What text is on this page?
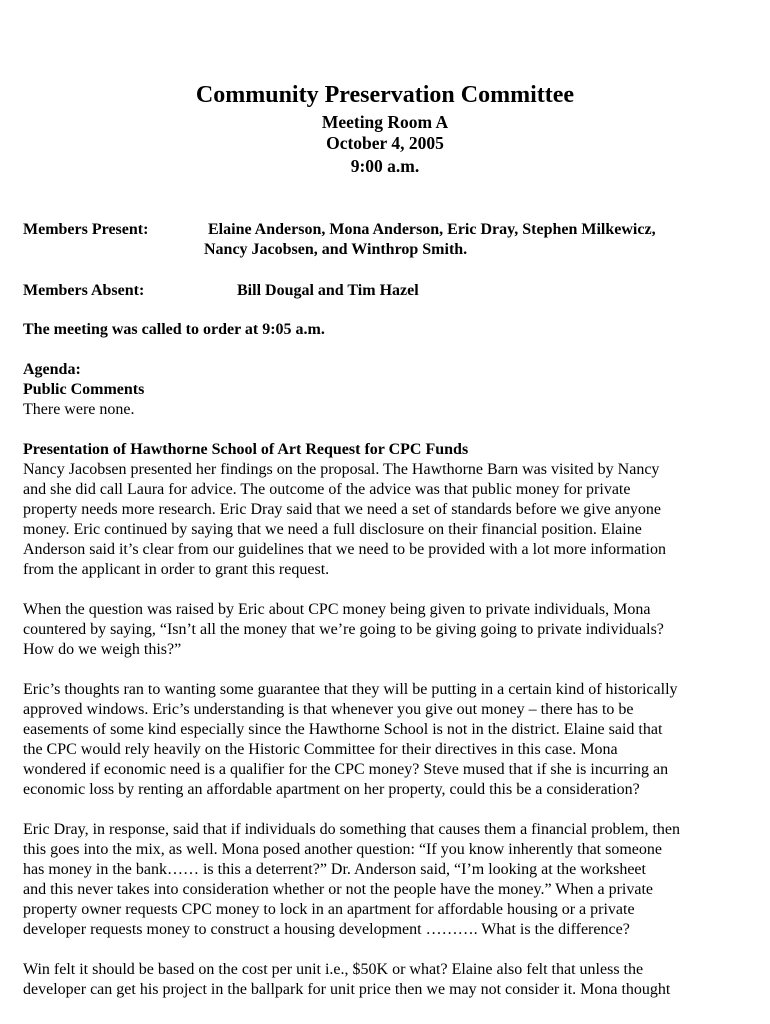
Community Preservation Committee
Meeting Room A
October 4, 2005
9:00 a.m.
Members Present:	Elaine Anderson, Mona Anderson, Eric Dray, Stephen Milkewicz,
Nancy Jacobsen, and Winthrop Smith.
Members Absent:	Bill Dougal and Tim Hazel
The meeting was called to order at 9:05 a.m.
Agenda:
Public Comments
There were none.
Presentation of Hawthorne School of Art Request for CPC Funds
Nancy Jacobsen presented her findings on the proposal. The Hawthorne Barn was visited by Nancy
and she did call Laura for advice. The outcome of the advice was that public money for private
property needs more research. Eric Dray said that we need a set of standards before we give anyone
money. Eric continued by saying that we need a full disclosure on their financial position. Elaine
Anderson said it’s clear from our guidelines that we need to be provided with a lot more information
from the applicant in order to grant this request.
When the question was raised by Eric about CPC money being given to private individuals, Mona
countered by saying, “Isn’t all the money that we’re going to be giving going to private individuals?
How do we weigh this?”
Eric’s thoughts ran to wanting some guarantee that they will be putting in a certain kind of historically
approved windows. Eric’s understanding is that whenever you give out money – there has to be
easements of some kind especially since the Hawthorne School is not in the district. Elaine said that
the CPC would rely heavily on the Historic Committee for their directives in this case. Mona
wondered if economic need is a qualifier for the CPC money? Steve mused that if she is incurring an
economic loss by renting an affordable apartment on her property, could this be a consideration?
Eric Dray, in response, said that if individuals do something that causes them a financial problem, then
this goes into the mix, as well. Mona posed another question: “If you know inherently that someone
has money in the bank…… is this a deterrent?” Dr. Anderson said, “I’m looking at the worksheet
and this never takes into consideration whether or not the people have the money.” When a private
property owner requests CPC money to lock in an apartment for affordable housing or a private
developer requests money to construct a housing development ………. What is the difference?
Win felt it should be based on the cost per unit i.e., $50K or what? Elaine also felt that unless the
developer can get his project in the ballpark for unit price then we may not consider it. Mona thought
